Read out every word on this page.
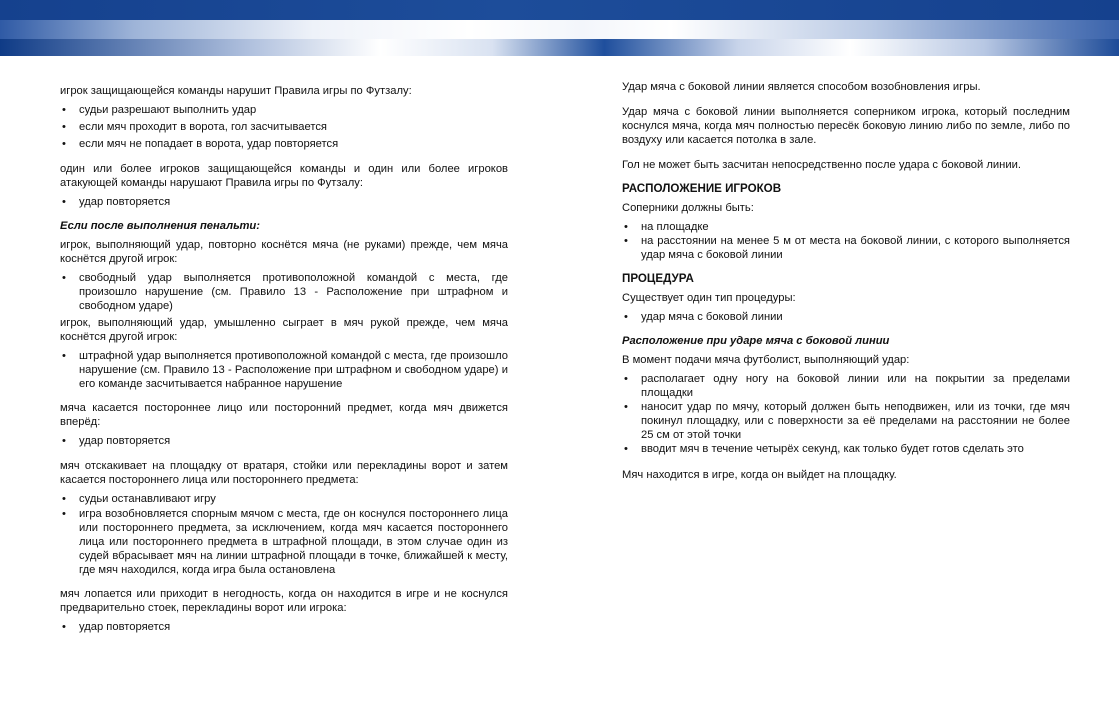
игрок защищающейся команды нарушит Правила игры по Футзалу:

• судьи разрешают выполнить удар
• если мяч проходит в ворота, гол засчитывается
• если мяч не попадает в ворота, удар повторяется

один или более игроков защищающейся команды и один или более игроков атакующей команды нарушают Правила игры по Футзалу:

• удар повторяется

Если после выполнения пенальти:

игрок, выполняющий удар, повторно коснётся мяча (не руками) прежде, чем мяча коснётся другой игрок:

• свободный удар выполняется противоположной командой с места, где произошло нарушение (см. Правило 13 - Расположение при штрафном и свободном ударе)

игрок, выполняющий удар, умышленно сыграет в мяч рукой прежде, чем мяча коснётся другой игрок:

• штрафной удар выполняется противоположной командой с места, где произошло нарушение (см. Правило 13 - Расположение при штрафном и свободном ударе) и его команде засчитывается набранное нарушение

мяча касается постороннее лицо или посторонний предмет, когда мяч движется вперёд:

• удар повторяется

мяч отскакивает на площадку от вратаря, стойки или перекладины ворот и затем касается постороннего лица или постороннего предмета:

• судьи останавливают игру
• игра возобновляется спорным мячом с места, где он коснулся постороннего лица или постороннего предмета, за исключением, когда мяч касается постороннего лица или постороннего предмета в штрафной площади, в этом случае один из судей вбрасывает мяч на линии штрафной площади в точке, ближайшей к месту, где мяч находился, когда игра была остановлена

мяч лопается или приходит в негодность, когда он находится в игре и не коснулся предварительно стоек, перекладины ворот или игрока:

• удар повторяется

Удар мяча с боковой линии является способом возобновления игры.

Удар мяча с боковой линии выполняется соперником игрока, который последним коснулся мяча, когда мяч полностью пересёк боковую линию либо по земле, либо по воздуху или касается потолка в зале.

Гол не может быть засчитан непосредственно после удара с боковой линии.

РАСПОЛОЖЕНИЕ ИГРОКОВ

Соперники должны быть:

• на площадке
• на расстоянии на менее 5 м от места на боковой линии, с которого выполняется удар мяча с боковой линии

ПРОЦЕДУРА

Существует один тип процедуры:

• удар мяча с боковой линии

Расположение при ударе мяча с боковой линии

В момент подачи мяча футболист, выполняющий удар:

• располагает одну ногу на боковой линии или на покрытии за пределами площадки
• наносит удар по мячу, который должен быть неподвижен, или из точки, где мяч покинул площадку, или с поверхности за её пределами на расстоянии не более 25 см от этой точки
• вводит мяч в течение четырёх секунд, как только будет готов сделать это

Мяч находится в игре, когда он выйдет на площадку.
